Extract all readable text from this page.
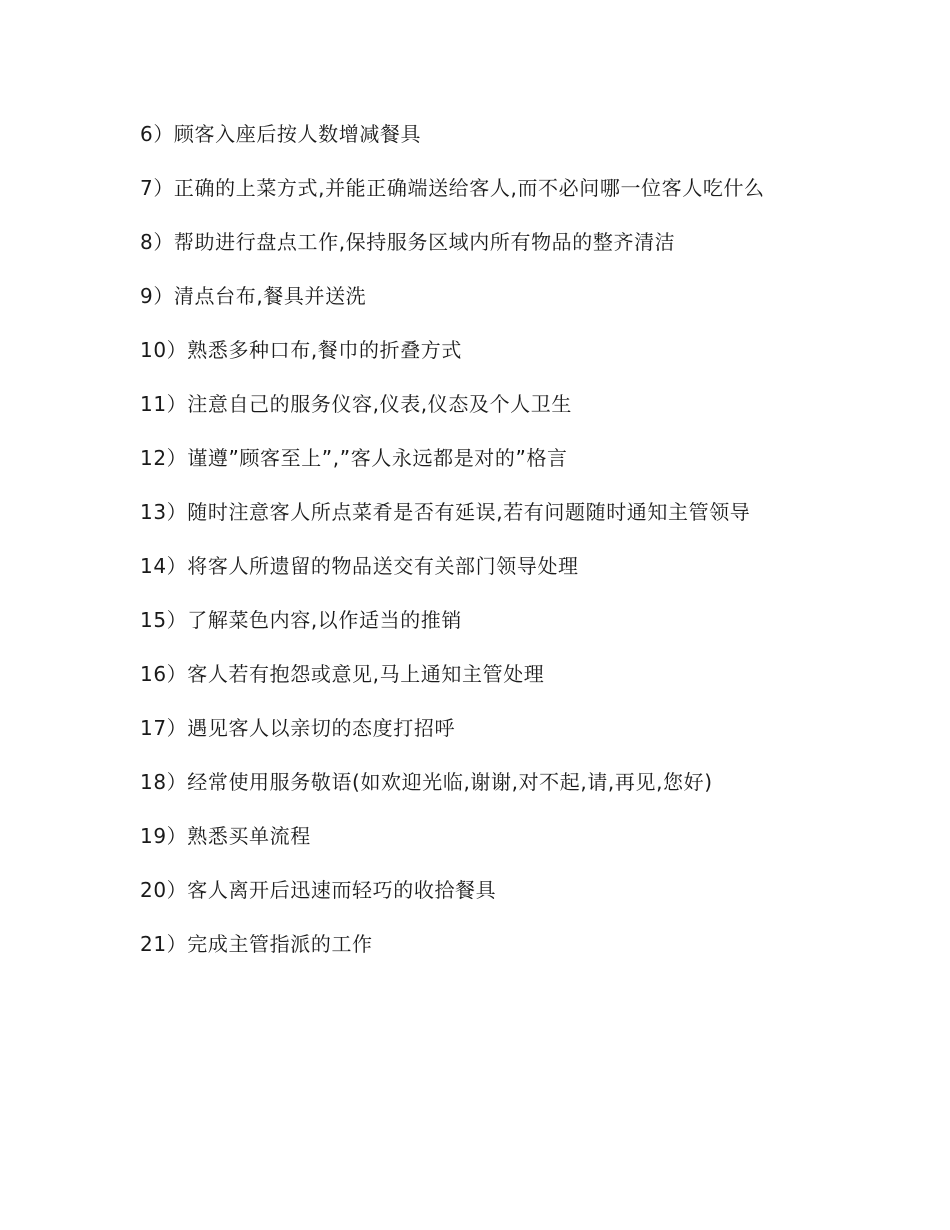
6）顾客入座后按人数增减餐具

7）正确的上菜方式,并能正确端送给客人,而不必问哪一位客人吃什么

8）帮助进行盘点工作,保持服务区域内所有物品的整齐清洁

9）清点台布,餐具并送洗

10）熟悉多种口布,餐巾的折叠方式

11）注意自己的服务仪容,仪表,仪态及个人卫生

12）谨遵”顾客至上”,”客人永远都是对的”格言

13）随时注意客人所点菜肴是否有延误,若有问题随时通知主管领导

14）将客人所遗留的物品送交有关部门领导处理

15）了解菜色内容,以作适当的推销

16）客人若有抱怨或意见,马上通知主管处理

17）遇见客人以亲切的态度打招呼

18）经常使用服务敬语(如欢迎光临,谢谢,对不起,请,再见,您好)

19）熟悉买单流程

20）客人离开后迅速而轻巧的收拾餐具

21）完成主管指派的工作
